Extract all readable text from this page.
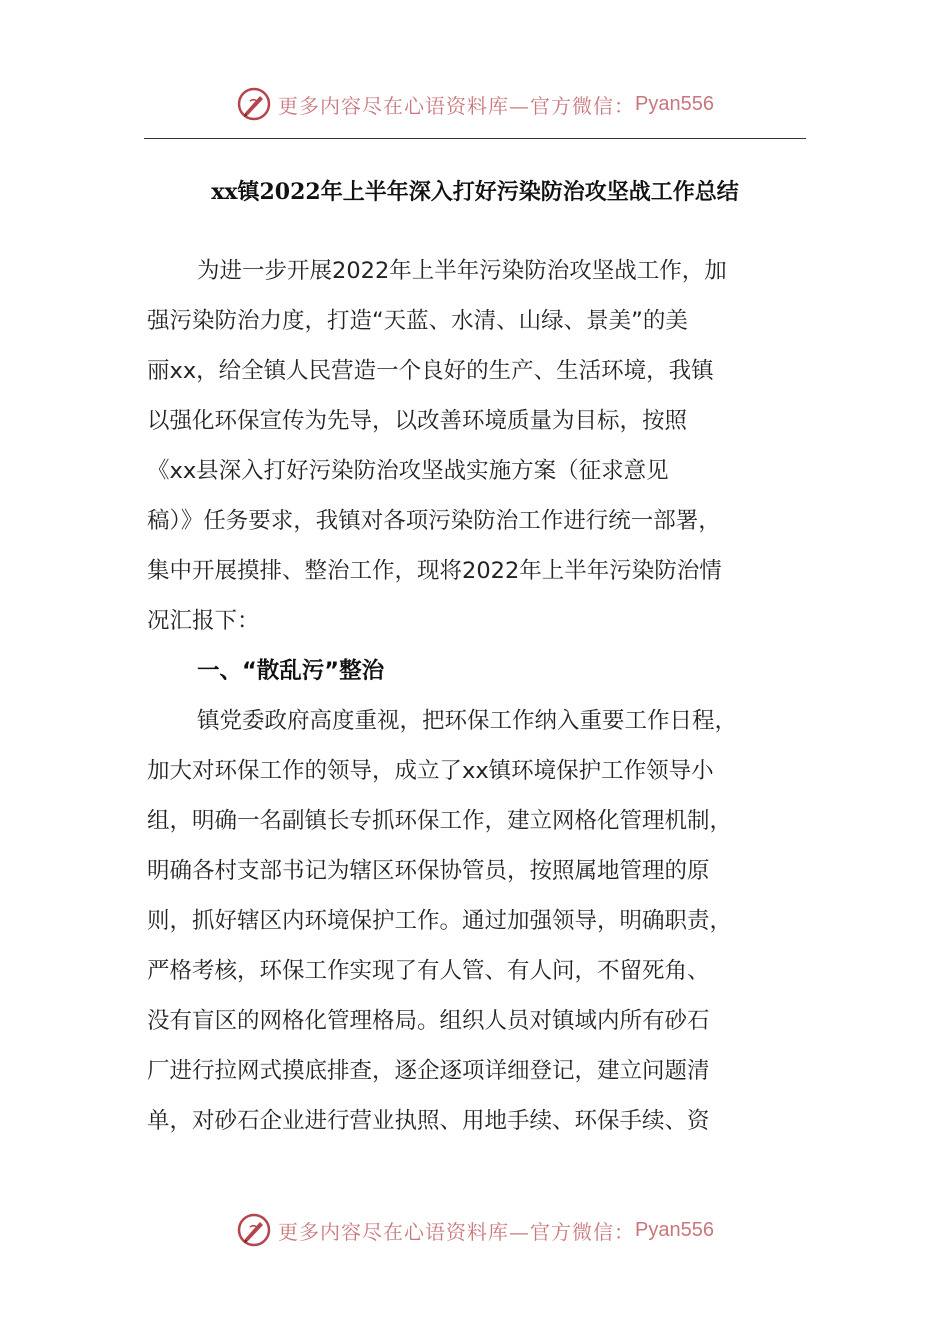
更多内容尽在心语资料库—官方微信： Pyan556
xx镇2022年上半年深入打好污染防治攻坚战工作总结
为进一步开展2022年上半年污染防治攻坚战工作，加
强污染防治力度，打造“天蓝、水清、山绿、景美”的美
丽xx，给全镇人民营造一个良好的生产、生活环境，我镇
以强化环保宣传为先导，以改善环境质量为目标，按照
《xx县深入打好污染防治攻坚战实施方案（征求意见
稿）》任务要求，我镇对各项污染防治工作进行统一部署，
集中开展摸排、整治工作，现将2022年上半年污染防治情
况汇报下：
一、“散乱污”整治
镇党委政府高度重视，把环保工作纳入重要工作日程，
加大对环保工作的领导，成立了xx镇环境保护工作领导小
组，明确一名副镇长专抓环保工作，建立网格化管理机制，
明确各村支部书记为辖区环保协管员，按照属地管理的原
则，抓好辖区内环境保护工作。通过加强领导，明确职责，
严格考核，环保工作实现了有人管、有人问，不留死角、
没有盲区的网格化管理格局。组织人员对镇域内所有砂石
厂进行拉网式摸底排查，逐企逐项详细登记，建立问题清
单，对砂石企业进行营业执照、用地手续、环保手续、资
更多内容尽在心语资料库—官方微信： Pyan556
